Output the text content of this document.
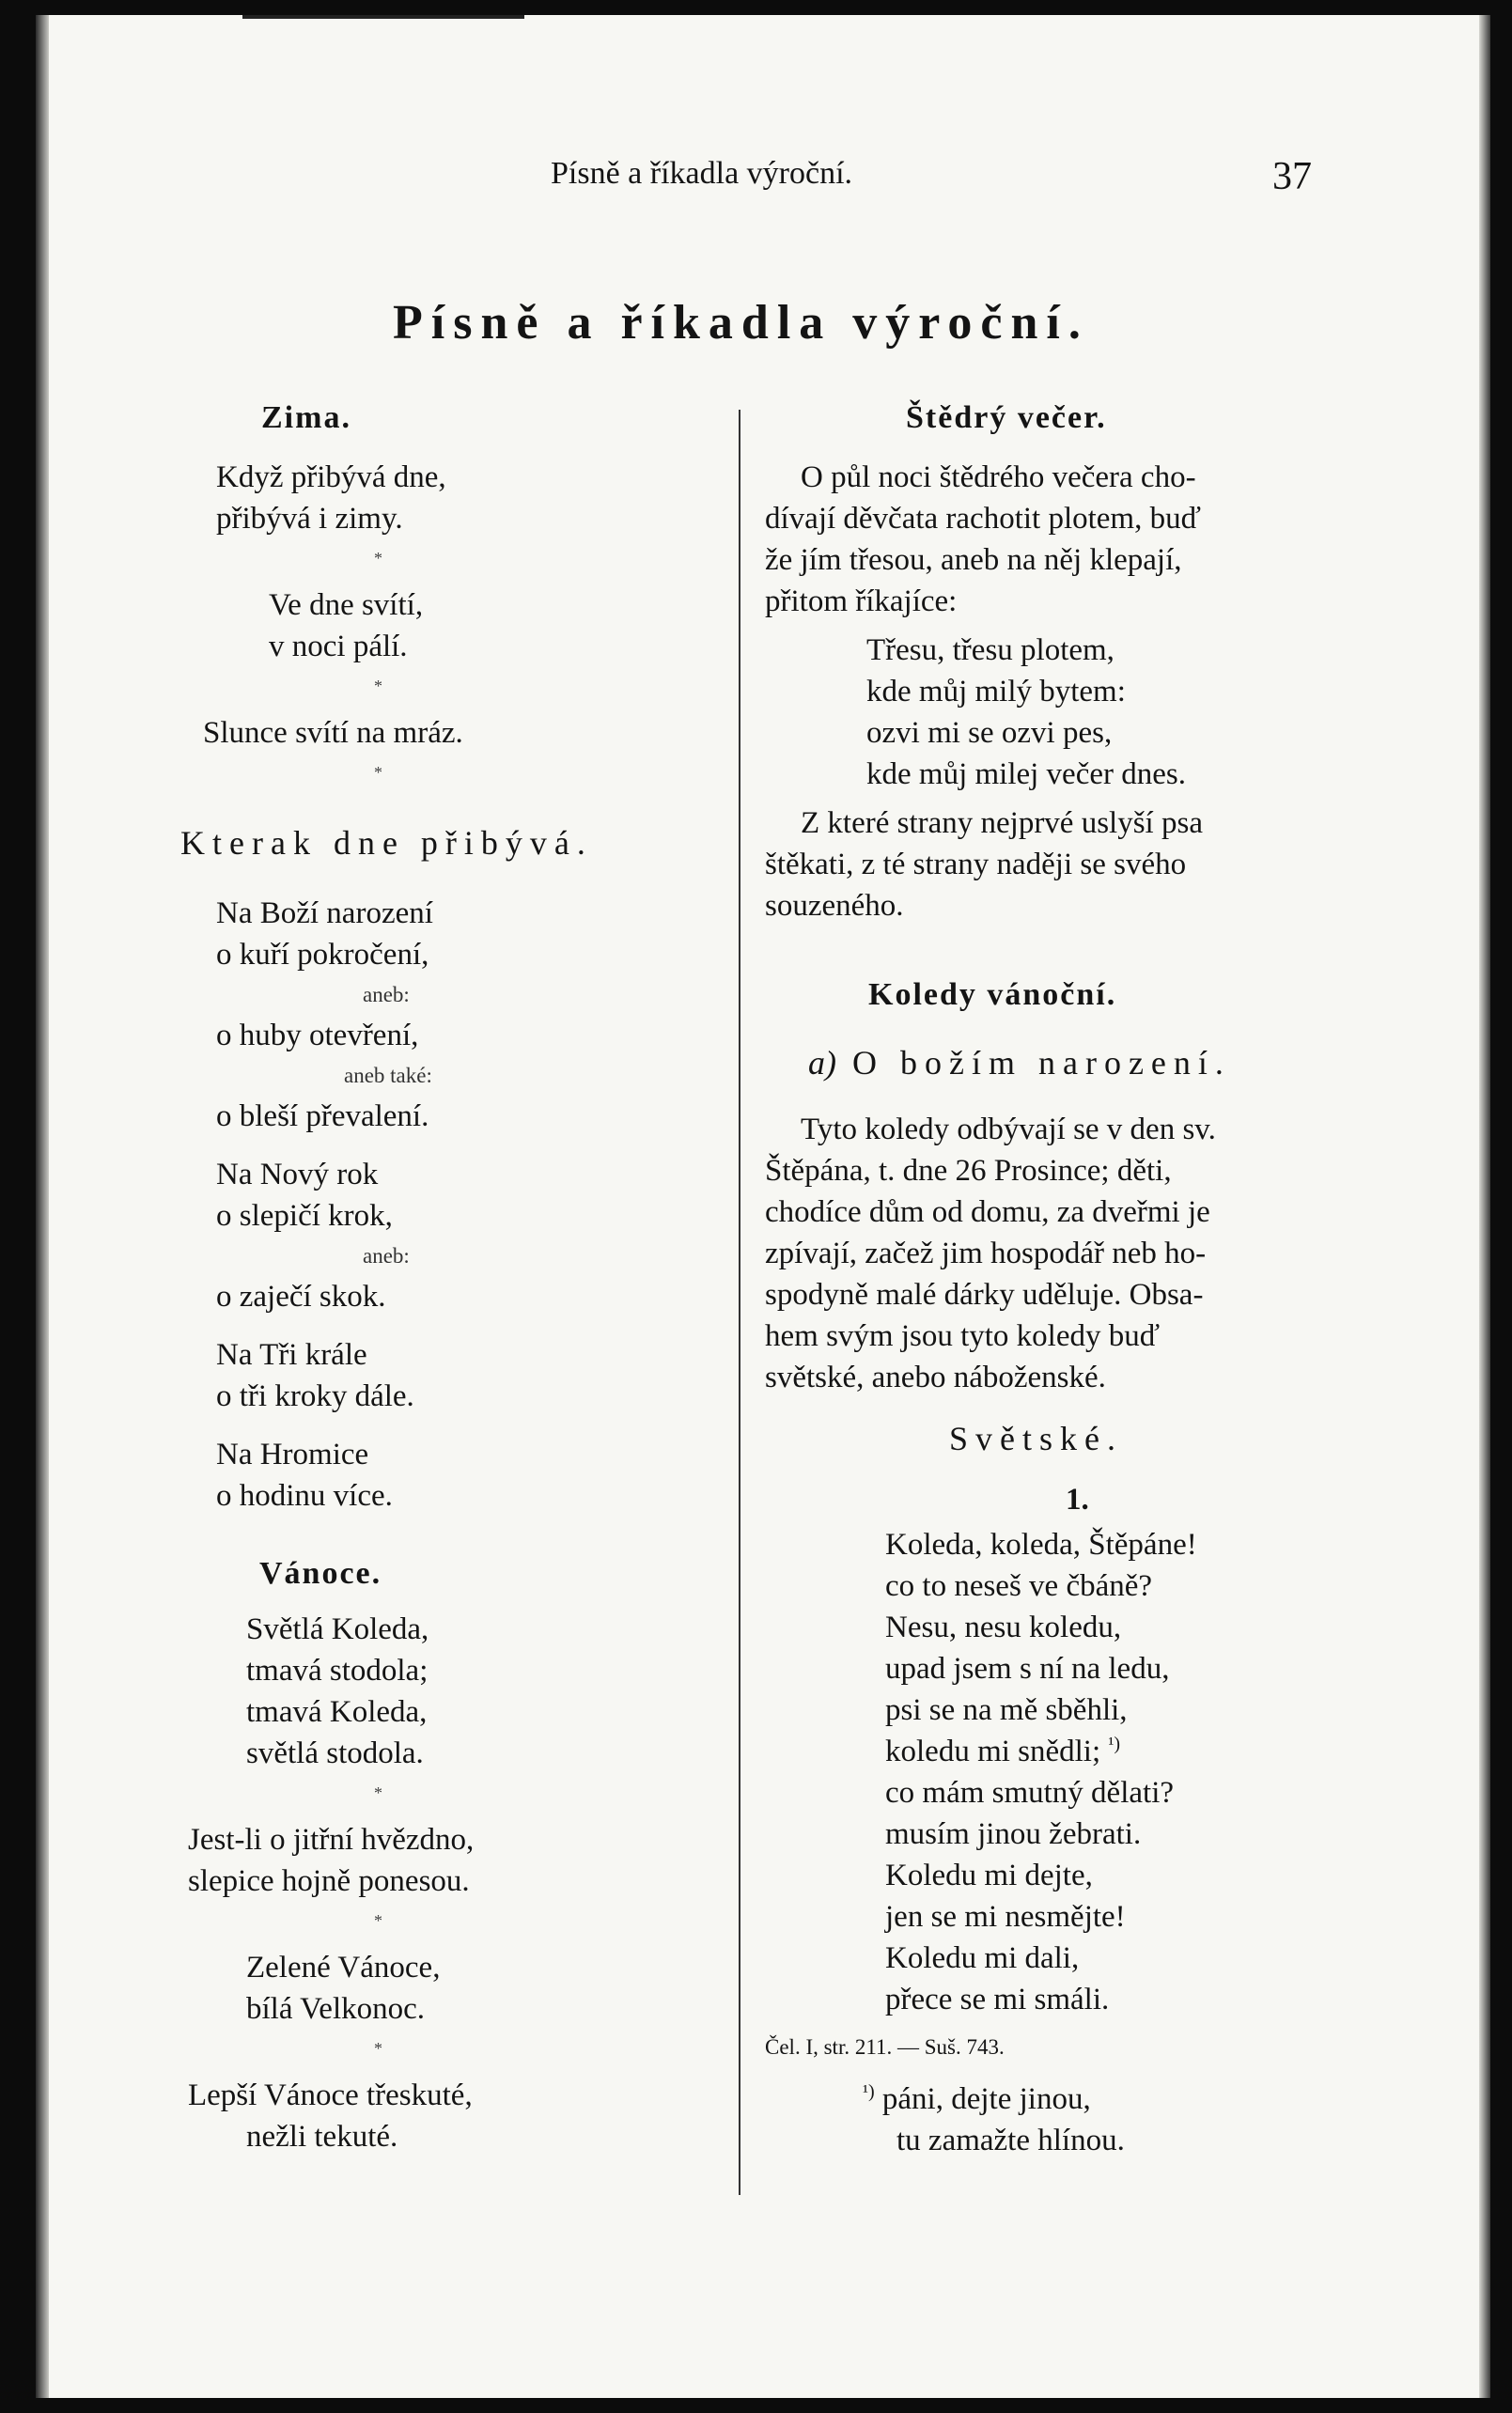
Písně a říkadla výroční.	37
Písně a říkadla výroční.
Zima.
Když přibývá dne,
přibývá i zimy.
*
Ve dne svítí,
v noci pálí.
*
Slunce svítí na mráz.
*
Kterak dne přibývá.
Na Boží narození
o kuří pokročení,
aneb:
o huby otevření,
aneb také:
o bleší převalení.
Na Nový rok
o slepičí krok,
aneb:
o zaječí skok.
Na Tři krále
o tři kroky dále.
Na Hromice
o hodinu více.
Vánoce.
Světlá Koleda,
tmavá stodola;
tmavá Koleda,
světlá stodola.
*
Jest-li o jitřní hvězdno,
slepice hojně ponesou.
*
Zelené Vánoce,
bílá Velkonoc.
*
Lepší Vánoce třeskuté,
nežli tekuté.
Štědrý večer.
O půl noci štědrého večera cho-
dívají děvčata rachotit plotem, buď
že jím třesou, aneb na něj klepají,
přitom říkajíce:
Třesu, třesu plotem,
kde můj milý bytem:
ozvi mi se ozvi pes,
kde můj milej večer dnes.
Z které strany nejprvé uslyší psa
štěkati, z té strany naději se svého
souzeného.
Koledy vánoční.
a) O božím narození.
Tyto koledy odbývají se v den sv.
Štěpána, t. dne 26 Prosince; děti,
chodíce dům od domu, za dveřmi je
zpívají, začež jim hospodář neb ho-
spodyně malé dárky uděluje. Obsa-
hem svým jsou tyto koledy buď
světské, anebo náboženské.
Světské.
1.
Koleda, koleda, Štěpáne!
co to neseš ve čbáně?
Nesu, nesu koledu,
upad jsem s ní na ledu,
psi se na mě sběhli,
koledu mi snědli; $^{^1)}$
co mám smutný dělati?
musím jinou žebrati.
Koledu mi dejte,
jen se mi nesmějte!
Koledu mi dali,
přece se mi smáli.
Čel. I, str. 211. — Suš. 743.
$^{^1)}$ páni, dejte jinou,
tu zamažte hlínou.
